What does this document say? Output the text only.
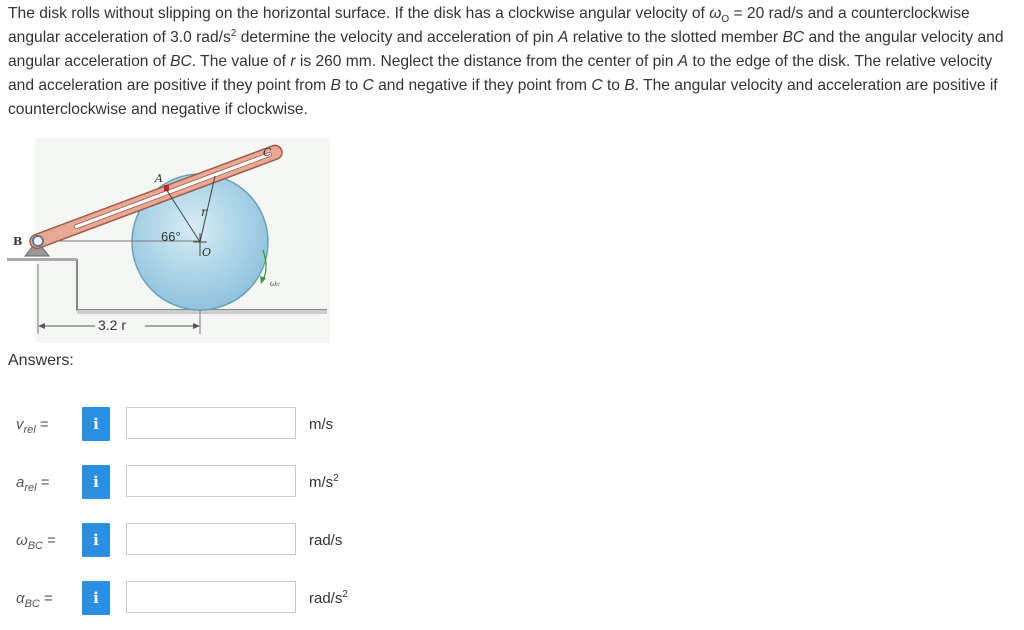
The disk rolls without slipping on the horizontal surface. If the disk has a clockwise angular velocity of $\omega_O = 20$ rad/s and a counterclockwise angular acceleration of 3.0 rad/$s^2$ determine the velocity and acceleration of pin A relative to the slotted member BC and the angular velocity and angular acceleration of BC. The value of r is 260 mm. Neglect the distance from the center of pin A to the edge of the disk. The relative velocity and acceleration are positive if they point from B to C and negative if they point from C to B. The angular velocity and acceleration are positive if counterclockwise and negative if clockwise.
B
A
C
r
O
66°
ω₀
3.2 r
Answers:
$v_{rel}$ =	i	m/s
$a_{rel}$ =	i	$m/s^2$
$\omega_{BC}$ =	i	rad/s
$\alpha_{BC}$ =	i	rad/$s^2$
